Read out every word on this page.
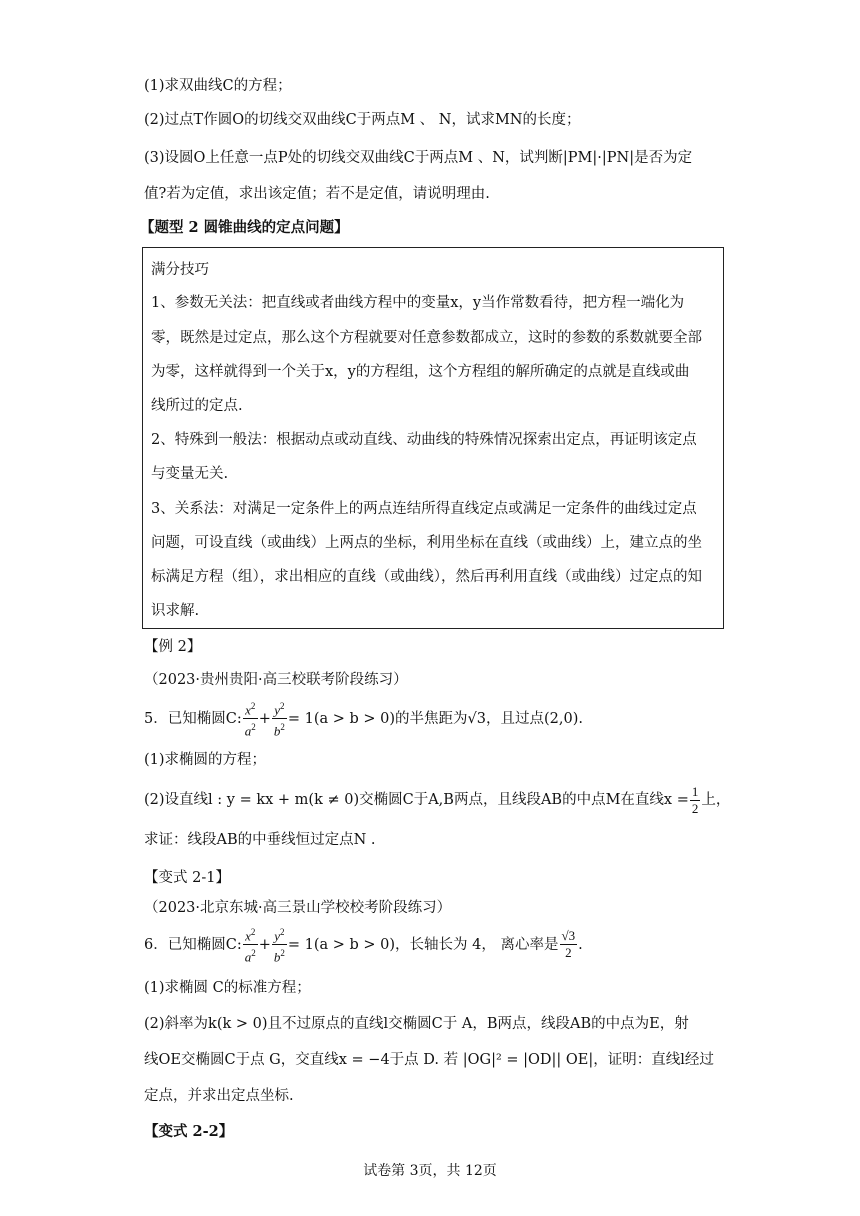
(1)求双曲线C的方程；
(2)过点T作圆O的切线交双曲线C于两点M 、 N，试求MN的长度；
(3)设圆O上任意一点P处的切线交双曲线C于两点M 、N，试判断|PM|·|PN|是否为定
值?若为定值，求出该定值；若不是定值，请说明理由.
【题型 2 圆锥曲线的定点问题】
满分技巧
1、参数无关法：把直线或者曲线方程中的变量x，y当作常数看待，把方程一端化为
零，既然是过定点，那么这个方程就要对任意参数都成立，这时的参数的系数就要全部
为零，这样就得到一个关于x，y的方程组，这个方程组的解所确定的点就是直线或曲
线所过的定点.
2、特殊到一般法：根据动点或动直线、动曲线的特殊情况探索出定点，再证明该定点
与变量无关.
3、关系法：对满足一定条件上的两点连结所得直线定点或满足一定条件的曲线过定点
问题，可设直线（或曲线）上两点的坐标，利用坐标在直线（或曲线）上，建立点的坐
标满足方程（组），求出相应的直线（或曲线），然后再利用直线（或曲线）过定点的知
识求解.
【例 2】
（2023·贵州贵阳·高三校联考阶段练习）
5．已知椭圆C: $\frac{x^2}{a^2} + \frac{y^2}{b^2} = 1(a > b > 0)$的半焦距为√3，且过点(2,0).
(1)求椭圆的方程；
(2)设直线l : y = kx + m(k ≠ 0)交椭圆C于A,B两点，且线段AB的中点M在直线$x = \frac{1}{2}$ 上，
求证：线段AB的中垂线恒过定点N .
【变式 2-1】
（2023·北京东城·高三景山学校校考阶段练习）
6．已知椭圆C: $\frac{x^2}{a^2} + \frac{y^2}{b^2} = 1(a > b > 0)$，长轴长为 4， 离心率是 $\frac{√3}{2}$ .
(1)求椭圆 C的标准方程；
(2)斜率为k(k > 0)且不过原点的直线l交椭圆C于 A，B两点，线段AB的中点为E，射
线OE交椭圆C于点 G，交直线x = −4于点 D. 若 |OG|² = |OD|| OE|，证明：直线l经过
定点，并求出定点坐标.
【变式 2-2】
试卷第 3页，共 12页
